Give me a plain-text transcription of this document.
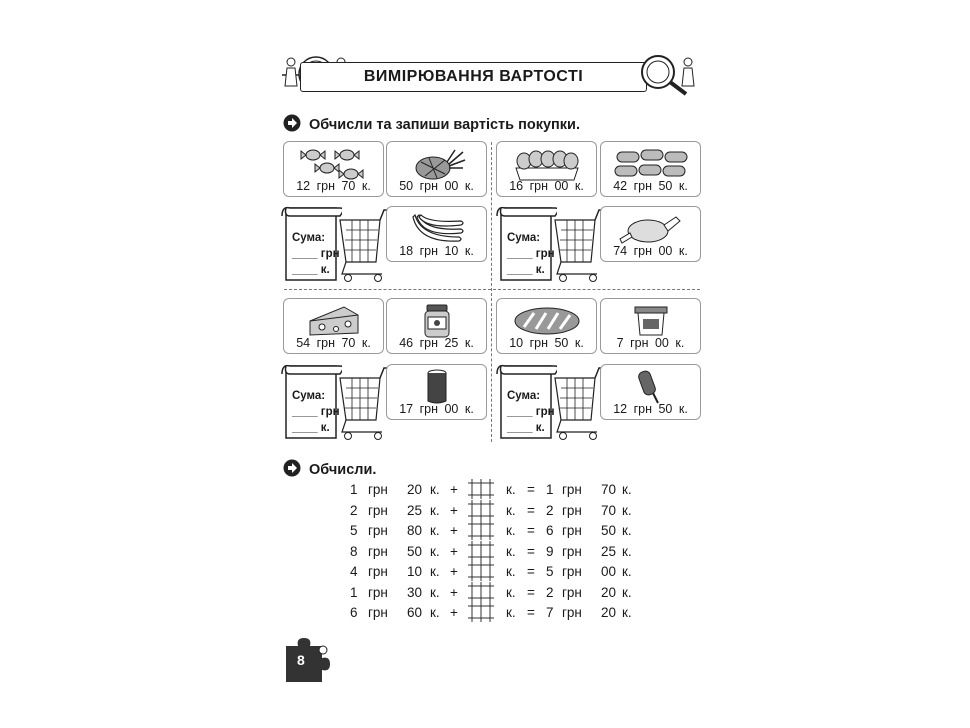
ВИМІРЮВАННЯ ВАРТОСТІ
Обчисли та запиши вартість покупки.
12 грн 70 к.	50 грн 00 к.
Сума:
____ грн
____ к.
18 грн 10 к.
16 грн 00 к.	42 грн 50 к.
Сума:
____ грн
____ к.
74 грн 00 к.
54 грн 70 к.	46 грн 25 к.
Сума:
____ грн
____ к.
17 грн 00 к.
10 грн 50 к.	7 грн 00 к.
Сума:
____ грн
____ к.
12 грн 50 к.
Обчисли.
1 грн 20 к. +	к. = 1 грн 70 к.
2 грн 25 к. +	к. = 2 грн 70 к.
5 грн 80 к. +	к. = 6 грн 50 к.
8 грн 50 к. +	к. = 9 грн 25 к.
4 грн 10 к. +	к. = 5 грн 00 к.
1 грн 30 к. +	к. = 2 грн 20 к.
6 грн 60 к. +	к. = 7 грн 20 к.
8
